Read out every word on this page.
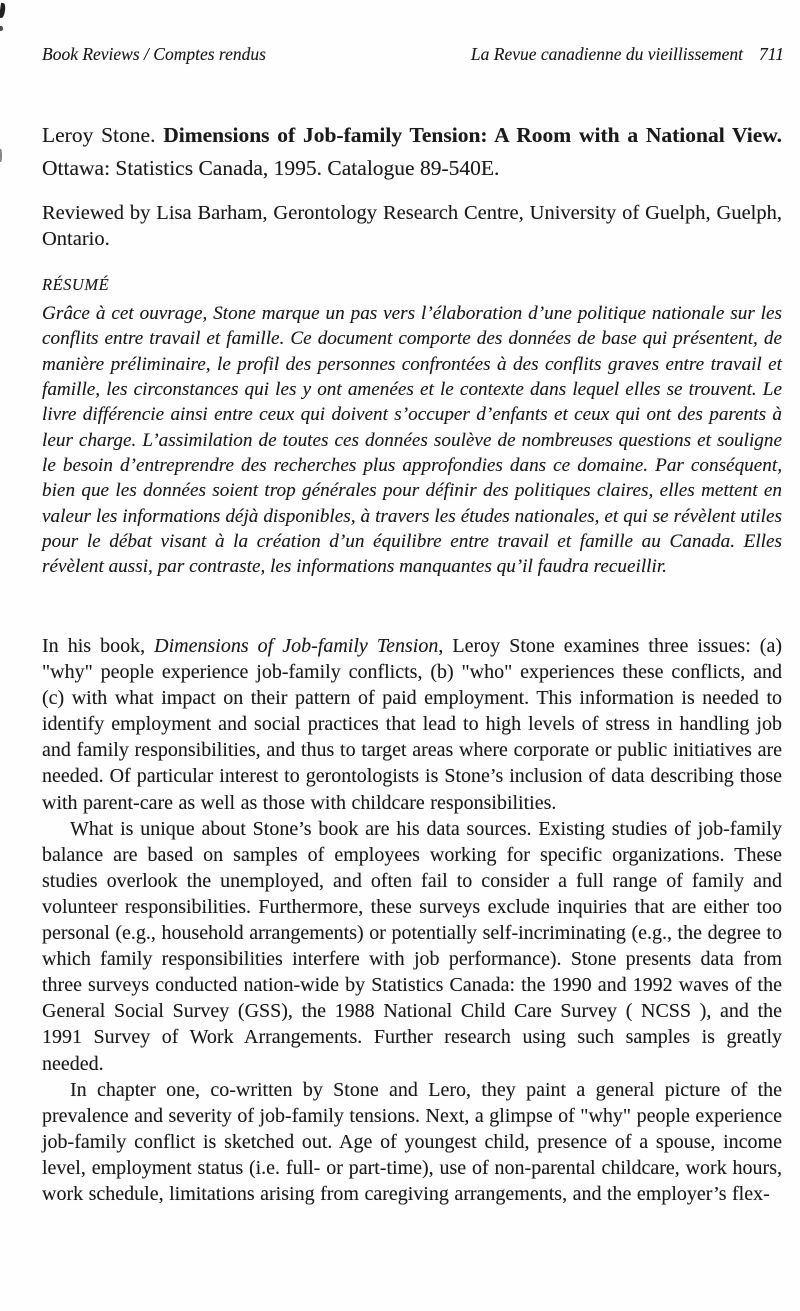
Book Reviews / Comptes rendus	La Revue canadienne du vieillissement 711
Leroy Stone. Dimensions of Job-family Tension: A Room with a National View. Ottawa: Statistics Canada, 1995. Catalogue 89-540E.

Reviewed by Lisa Barham, Gerontology Research Centre, University of Guelph, Guelph, Ontario.

RÉSUMÉ

Grâce à cet ouvrage, Stone marque un pas vers l’élaboration d’une politique nationale sur les conflits entre travail et famille. Ce document comporte des données de base qui présentent, de manière préliminaire, le profil des personnes confrontées à des conflits graves entre travail et famille, les circonstances qui les y ont amenées et le contexte dans lequel elles se trouvent. Le livre différencie ainsi entre ceux qui doivent s’occuper d’enfants et ceux qui ont des parents à leur charge. L’assimilation de toutes ces données soulève de nombreuses questions et souligne le besoin d’entreprendre des recherches plus approfondies dans ce domaine. Par conséquent, bien que les données soient trop générales pour définir des politiques claires, elles mettent en valeur les informations déjà disponibles, à travers les études nationales, et qui se révèlent utiles pour le débat visant à la création d’un équilibre entre travail et famille au Canada. Elles révèlent aussi, par contraste, les informations manquantes qu’il faudra recueillir.

In his book, Dimensions of Job-family Tension, Leroy Stone examines three issues: (a) "why" people experience job-family conflicts, (b) "who" experiences these conflicts, and (c) with what impact on their pattern of paid employment. This information is needed to identify employment and social practices that lead to high levels of stress in handling job and family responsibilities, and thus to target areas where corporate or public initiatives are needed. Of particular interest to gerontologists is Stone’s inclusion of data describing those with parent-care as well as those with childcare responsibilities.

What is unique about Stone’s book are his data sources. Existing studies of job-family balance are based on samples of employees working for specific organizations. These studies overlook the unemployed, and often fail to consider a full range of family and volunteer responsibilities. Furthermore, these surveys exclude inquiries that are either too personal (e.g., household arrangements) or potentially self-incriminating (e.g., the degree to which family responsibilities interfere with job performance). Stone presents data from three surveys conducted nation-wide by Statistics Canada: the 1990 and 1992 waves of the General Social Survey (GSS), the 1988 National Child Care Survey ( NCSS ), and the 1991 Survey of Work Arrangements. Further research using such samples is greatly needed.

In chapter one, co-written by Stone and Lero, they paint a general picture of the prevalence and severity of job-family tensions. Next, a glimpse of "why" people experience job-family conflict is sketched out. Age of youngest child, presence of a spouse, income level, employment status (i.e. full- or part-time), use of non-parental childcare, work hours, work schedule, limitations arising from caregiving arrangements, and the employer’s flex-
